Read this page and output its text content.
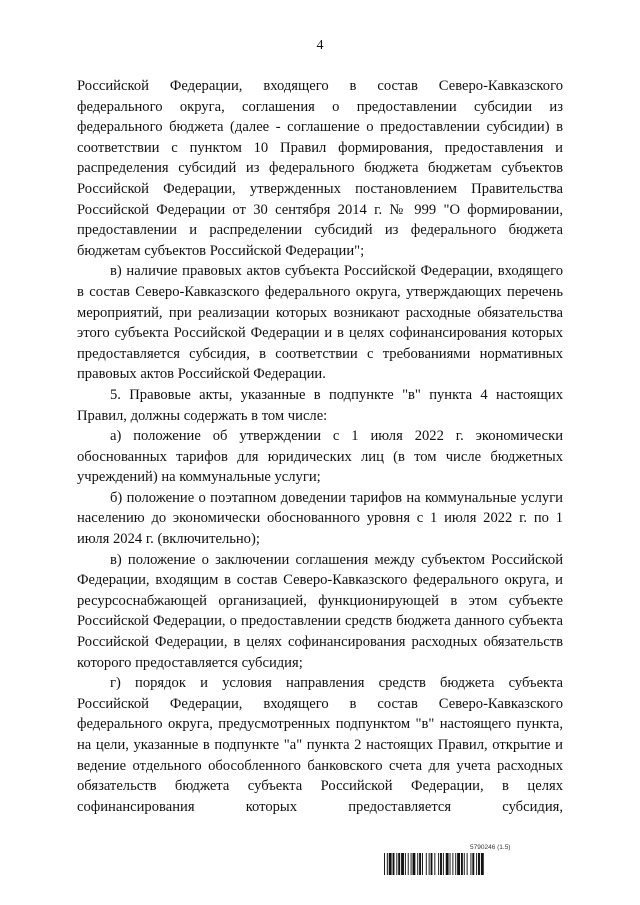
4

Российской Федерации, входящего в состав Северо-Кавказского федерального округа, соглашения о предоставлении субсидии из федерального бюджета (далее - соглашение о предоставлении субсидии) в соответствии с пунктом 10 Правил формирования, предоставления и распределения субсидий из федерального бюджета бюджетам субъектов Российской Федерации, утвержденных постановлением Правительства Российской Федерации от 30 сентября 2014 г. № 999 "О формировании, предоставлении и распределении субсидий из федерального бюджета бюджетам субъектов Российской Федерации";

в) наличие правовых актов субъекта Российской Федерации, входящего в состав Северо-Кавказского федерального округа, утверждающих перечень мероприятий, при реализации которых возникают расходные обязательства этого субъекта Российской Федерации и в целях софинансирования которых предоставляется субсидия, в соответствии с требованиями нормативных правовых актов Российской Федерации.

5. Правовые акты, указанные в подпункте "в" пункта 4 настоящих Правил, должны содержать в том числе:

а) положение об утверждении с 1 июля 2022 г. экономически обоснованных тарифов для юридических лиц (в том числе бюджетных учреждений) на коммунальные услуги;

б) положение о поэтапном доведении тарифов на коммунальные услуги населению до экономически обоснованного уровня с 1 июля 2022 г. по 1 июля 2024 г. (включительно);

в) положение о заключении соглашения между субъектом Российской Федерации, входящим в состав Северо-Кавказского федерального округа, и ресурсоснабжающей организацией, функционирующей в этом субъекте Российской Федерации, о предоставлении средств бюджета данного субъекта Российской Федерации, в целях софинансирования расходных обязательств которого предоставляется субсидия;

г) порядок и условия направления средств бюджета субъекта Российской Федерации, входящего в состав Северо-Кавказского федерального округа, предусмотренных подпунктом "в" настоящего пункта, на цели, указанные в подпункте "а" пункта 2 настоящих Правил, открытие и ведение отдельного обособленного банковского счета для учета расходных обязательств бюджета субъекта Российской Федерации, в целях софинансирования которых предоставляется субсидия,

5790246 (1.5)
